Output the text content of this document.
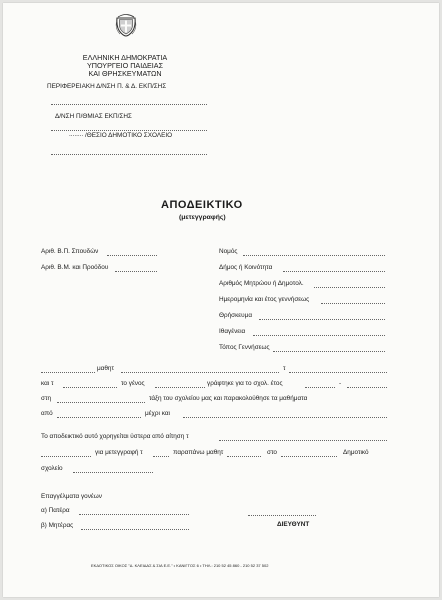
ΕΛΛΗΝΙΚΗ ΔΗΜΟΚΡΑΤΙΑ
ΥΠΟΥΡΓΕΙΟ ΠΑΙΔΕΙΑΣ
ΚΑΙ ΘΡΗΣΚΕΥΜΑΤΩΝ
ΠΕΡΙΦΕΡΕΙΑΚΗ Δ/ΝΣΗ Π. & Δ. ΕΚΠ/ΣΗΣ
Δ/ΝΣΗ Π/ΘΜΙΑΣ ΕΚΠ/ΣΗΣ
........ /ΘΕΣΙΟ ΔΗΜΟΤΙΚΟ ΣΧΟΛΕΙΟ
ΑΠΟΔΕΙΚΤΙΚΟ
(μετεγγραφής)
Αριθ. Β.Π. Σπουδών
Αριθ. Β.Μ. και Προόδου
Νομός
Δήμος ή Κοινότητα
Αριθμός Μητρώου ή Δημοτολ.
Ημερομηνία και έτος γεννήσεως
Θρήσκευμα
Ιθαγένεια
Τόπος Γεννήσεως
μαθητ	τ
και τ	το γένος	γράφτηκε για το σχολ. έτος	-
στη	τάξη του σχολείου μας και παρακολούθησε τα μαθήματα
από	μέχρι και
Το αποδεικτικό αυτό χορηγείται ύστερα από αίτηση τ
για μετεγγραφή τ	παραπάνω μαθητ	στο	Δημοτικό
σχολείο
Επαγγέλματα γονέων
α) Πατέρα
β) Μητέρας	ΔΙΕΥΘΥΝΤ
ΕΚΔΟΤΙΚΟΣ ΟΙΚΟΣ "Δ. ΚΛΕΙΔΑΣ & ΣΙΑ Ε.Ε." • ΚΑΝΙΓΓΟΣ 6 • ΤΗΛ.: 210 52 45 860 - 210 52 37 502
